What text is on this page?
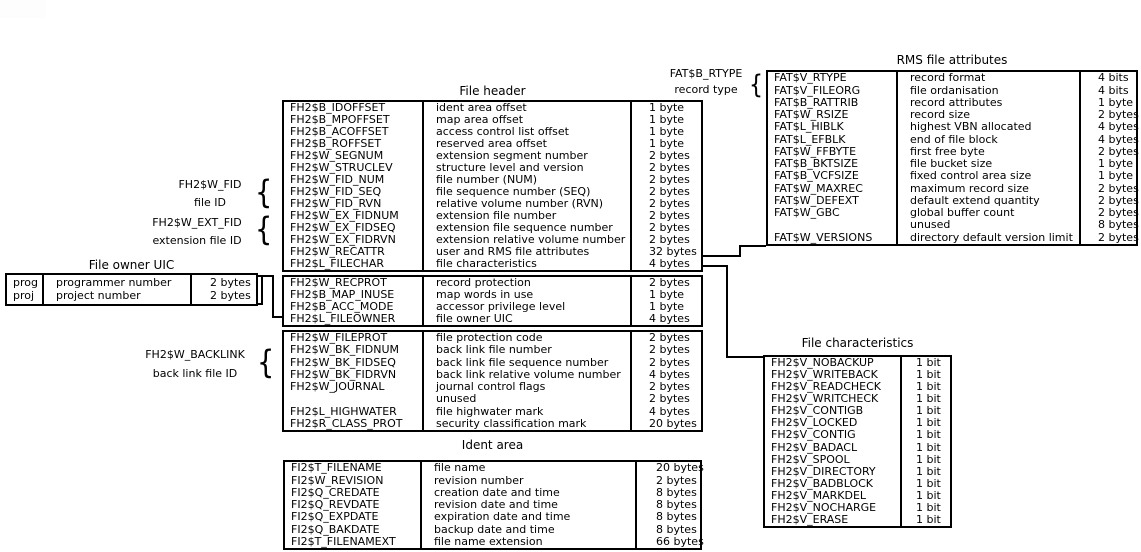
File header
Ident area
RMS file attributes
File characteristics
File owner UIC
FH2$B_IDOFFSET	ident area offset	1 byte
FH2$B_MPOFFSET	map area offset	1 byte
FH2$B_ACOFFSET	access control list offset	1 byte
FH2$B_ROFFSET	reserved area offset	1 byte
FH2$W_SEGNUM	extension segment number	2 bytes
FH2$W_STRUCLEV	structure level and version	2 bytes
FH2$W_FID_NUM	file number (NUM)	2 bytes
FH2$W_FID_SEQ	file sequence number (SEQ)	2 bytes
FH2$W_FID_RVN	relative volume number (RVN)	2 bytes
FH2$W_EX_FIDNUM	extension file number	2 bytes
FH2$W_EX_FIDSEQ	extension file sequence number	2 bytes
FH2$W_EX_FIDRVN	extension relative volume number	2 bytes
FH2$W_RECATTR	user and RMS file attributes	32 bytes
FH2$L_FILECHAR	file characteristics	4 bytes
FH2$W_RECPROT	record protection	2 bytes
FH2$B_MAP_INUSE	map words in use	1 byte
FH2$B_ACC_MODE	accessor privilege level	1 byte
FH2$L_FILEOWNER	file owner UIC	4 bytes
FH2$W_FILEPROT	file protection code	2 bytes
FH2$W_BK_FIDNUM	back link file number	2 bytes
FH2$W_BK_FIDSEQ	back link file sequence number	2 bytes
FH2$W_BK_FIDRVN	back link relative volume number	4 bytes
FH2$W_JOURNAL	journal control flags	2 bytes
unused	2 bytes
FH2$L_HIGHWATER	file highwater mark	4 bytes
FH2$R_CLASS_PROT	security classification mark	20 bytes
FI2$T_FILENAME	file name	20 bytes
FI2$W_REVISION	revision number	2 bytes
FI2$Q_CREDATE	creation date and time	8 bytes
FI2$Q_REVDATE	revision date and time	8 bytes
FI2$Q_EXPDATE	expiration date and time	8 bytes
FI2$Q_BAKDATE	backup date and time	8 bytes
FI2$T_FILENAMEXT	file name extension	66 bytes
FAT$V_RTYPE	record format	4 bits
FAT$V_FILEORG	file ordanisation	4 bits
FAT$B_RATTRIB	record attributes	1 byte
FAT$W_RSIZE	record size	2 bytes
FAT$L_HIBLK	highest VBN allocated	4 bytes
FAT$L_EFBLK	end of file block	4 bytes
FAT$W_FFBYTE	first free byte	2 bytes
FAT$B_BKTSIZE	file bucket size	1 byte
FAT$B_VCFSIZE	fixed control area size	1 byte
FAT$W_MAXREC	maximum record size	2 bytes
FAT$W_DEFEXT	default extend quantity	2 bytes
FAT$W_GBC	global buffer count	2 bytes
unused	8 bytes
FAT$W_VERSIONS	directory default version limit	2 bytes
FH2$V_NOBACKUP	1 bit
FH2$V_WRITEBACK	1 bit
FH2$V_READCHECK	1 bit
FH2$V_WRITCHECK	1 bit
FH2$V_CONTIGB	1 bit
FH2$V_LOCKED	1 bit
FH2$V_CONTIG	1 bit
FH2$V_BADACL	1 bit
FH2$V_SPOOL	1 bit
FH2$V_DIRECTORY	1 bit
FH2$V_BADBLOCK	1 bit
FH2$V_MARKDEL	1 bit
FH2$V_NOCHARGE	1 bit
FH2$V_ERASE	1 bit
prog	programmer number	2 bytes
proj	project number	2 bytes
FH2$W_FID
file ID {
FH2$W_EXT_FID
extension file ID {
FH2$W_BACKLINK
back link file ID {
FAT$B_RTYPE
record type {
